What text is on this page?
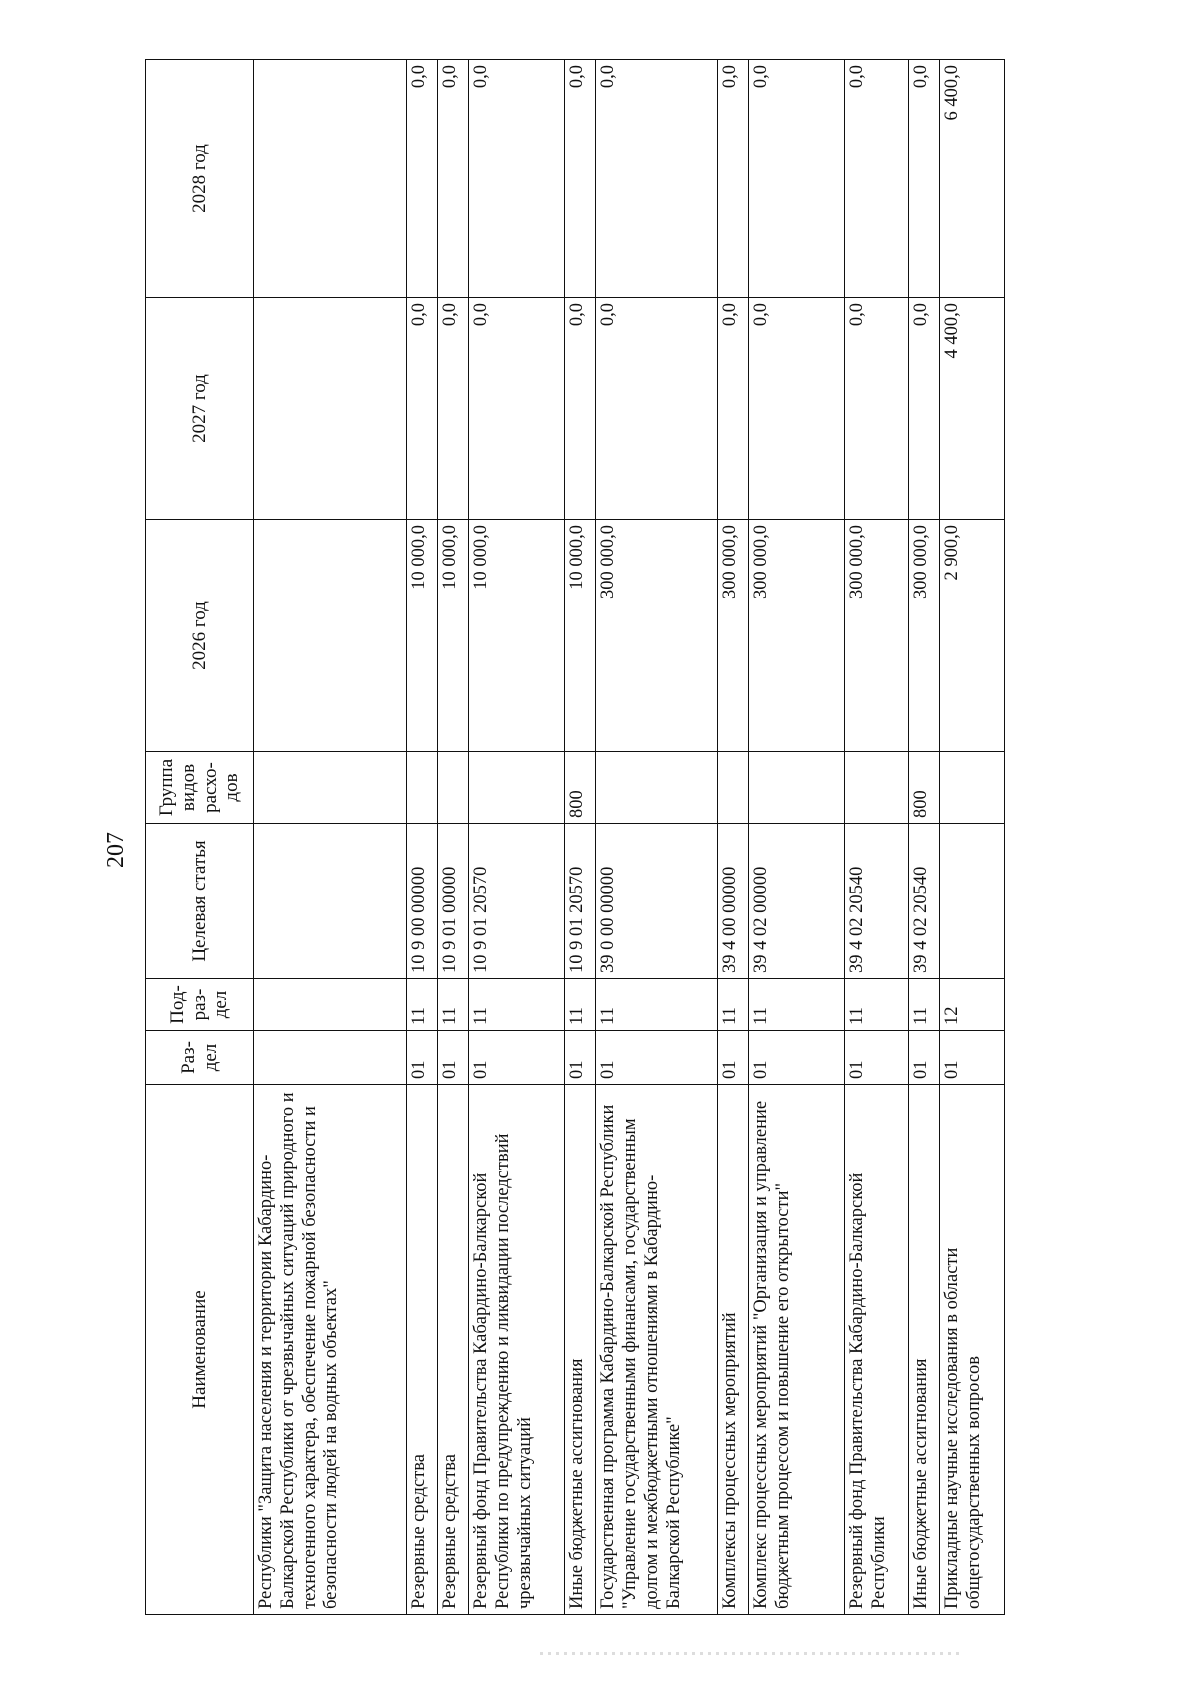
207
Наименование	Раз-дел	Под-раз-дел	Целевая статья	Группа видов расхо-дов	2026 год	2027 год	2028 год
Республики "Защита населения и территории Кабардино-Балкарской Республики от чрезвычайных ситуаций природного и техногенного характера, обеспечение пожарной безопасности и безопасности людей на водных объектах"							
Резервные средства	01	11	10 9 00 00000		10 000,0	0,0	0,0
Резервные средства	01	11	10 9 01 00000		10 000,0	0,0	0,0
Резервный фонд Правительства Кабардино-Балкарской Республики по предупреждению и ликвидации последствий чрезвычайных ситуаций	01	11	10 9 01 20570		10 000,0	0,0	0,0
Иные бюджетные ассигнования	01	11	10 9 01 20570	800	10 000,0	0,0	0,0
Государственная программа Кабардино-Балкарской Республики "Управление государственными финансами, государственным долгом и межбюджетными отношениями в Кабардино-Балкарской Республике"	01	11	39 0 00 00000		300 000,0	0,0	0,0
Комплексы процессных мероприятий	01	11	39 4 00 00000		300 000,0	0,0	0,0
Комплекс процессных мероприятий "Организация и управление бюджетным процессом и повышение его открытости"	01	11	39 4 02 00000		300 000,0	0,0	0,0
Резервный фонд Правительства Кабардино-Балкарской Республики	01	11	39 4 02 20540		300 000,0	0,0	0,0
Иные бюджетные ассигнования	01	11	39 4 02 20540	800	300 000,0	0,0	0,0
Прикладные научные исследования в области общегосударственных вопросов	01	12			2 900,0	4 400,0	6 400,0
